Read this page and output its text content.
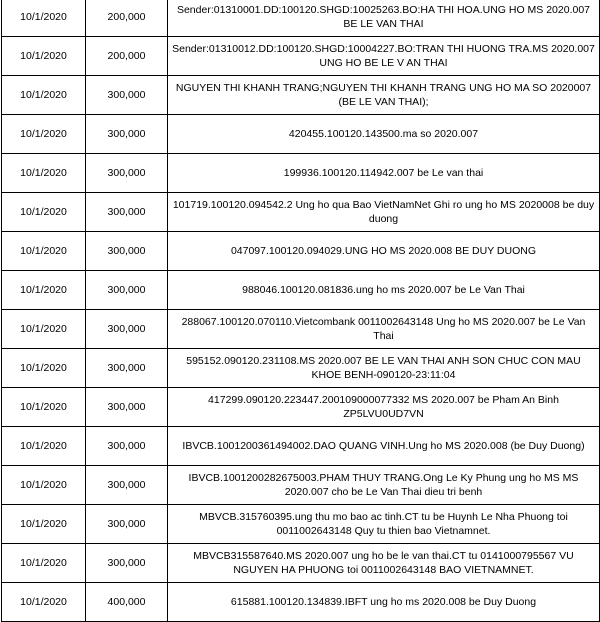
10/1/2020	200,000	Sender:01310001.DD:100120.SHGD:10025263.BO:HA THI HOA.UNG HO MS 2020.007 BE LE VAN THAI
10/1/2020	200,000	Sender:01310012.DD:100120.SHGD:10004227.BO:TRAN THI HUONG TRA.MS 2020.007 UNG HO BE LE V AN THAI
10/1/2020	300,000	NGUYEN THI KHANH TRANG;NGUYEN THI KHANH TRANG UNG HO MA SO 2020007 (BE LE VAN THAI);
10/1/2020	300,000	420455.100120.143500.ma so 2020.007
10/1/2020	300,000	199936.100120.114942.007 be Le van thai
10/1/2020	300,000	101719.100120.094542.2 Ung ho qua Bao VietNamNet Ghi ro ung ho MS 2020008 be duy duong
10/1/2020	300,000	047097.100120.094029.UNG HO MS 2020.008 BE DUY DUONG
10/1/2020	300,000	988046.100120.081836.ung ho ms 2020.007 be Le Van Thai
10/1/2020	300,000	288067.100120.070110.Vietcombank 0011002643148 Ung ho MS 2020.007 be Le Van Thai
10/1/2020	300,000	595152.090120.231108.MS 2020.007 BE LE VAN THAI ANH SON CHUC CON MAU KHOE BENH-090120-23:11:04
10/1/2020	300,000	417299.090120.223447.200109000077332 MS 2020.007 be Pham An Binh ZP5LVU0UD7VN
10/1/2020	300,000	IBVCB.1001200361494002.DAO QUANG VINH.Ung ho MS 2020.008 (be Duy Duong)
10/1/2020	300,000	IBVCB.1001200282675003.PHAM THUY TRANG.Ong Le Ky Phung ung ho MS MS 2020.007 cho be Le Van Thai dieu tri benh
10/1/2020	300,000	MBVCB.315760395.ung thu mo bao ac tinh.CT tu be Huynh Le Nha Phuong toi 0011002643148 Quy tu thien bao Vietnamnet.
10/1/2020	300,000	MBVCB315587640.MS 2020.007 ung ho be le van thai.CT tu 0141000795567 VU NGUYEN HA PHUONG toi 0011002643148 BAO VIETNAMNET.
10/1/2020	400,000	615881.100120.134839.IBFT ung ho ms 2020.008 be Duy Duong
